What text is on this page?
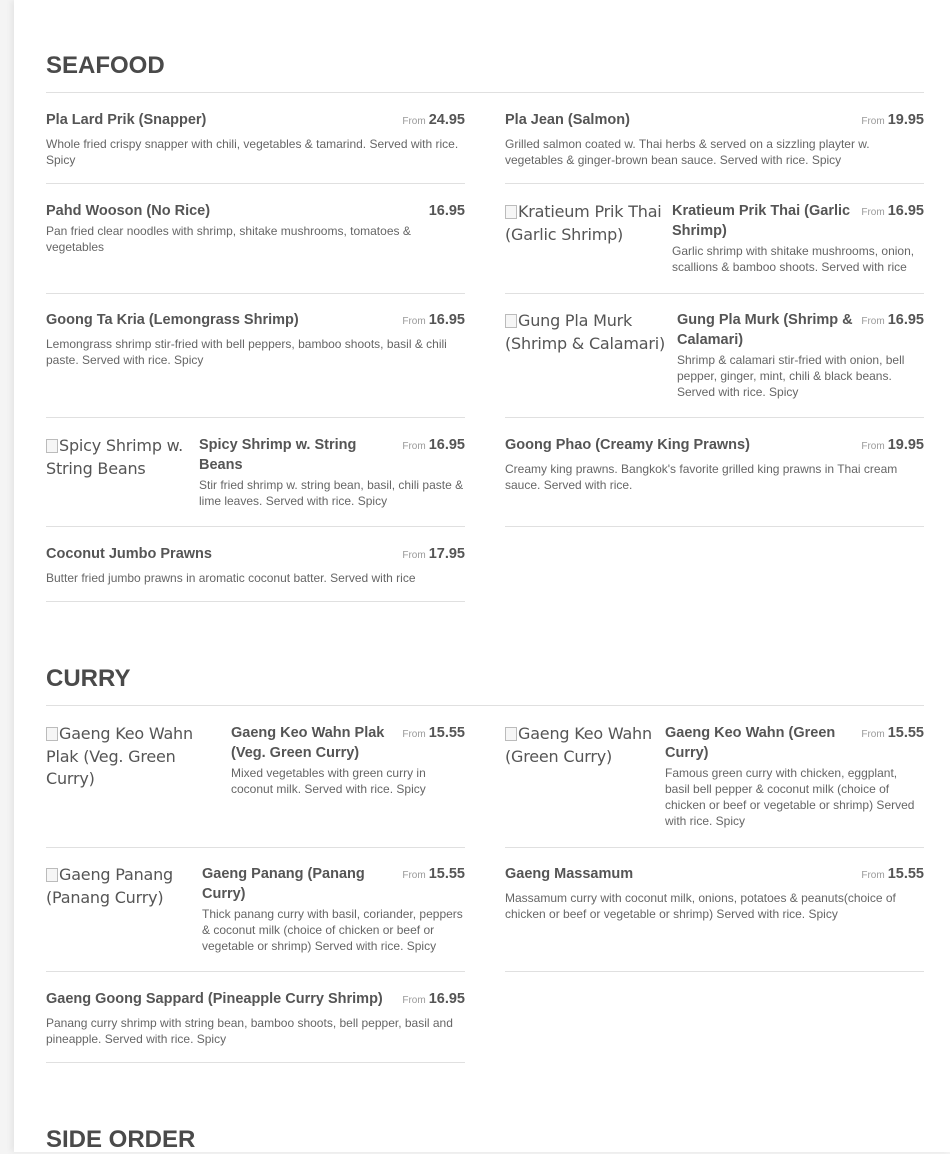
SEAFOOD
Pla Lard Prik (Snapper)	From 24.95
Whole fried crispy snapper with chili, vegetables & tamarind. Served with rice. Spicy
Pla Jean (Salmon)	From 19.95
Grilled salmon coated w. Thai herbs & served on a sizzling playter w. vegetables & ginger-brown bean sauce. Served with rice. Spicy
Pahd Wooson (No Rice)	16.95
Pan fried clear noodles with shrimp, shitake mushrooms, tomatoes & vegetables
Kratieum Prik Thai (Garlic Shrimp)
Kratieum Prik Thai (Garlic Shrimp)
From 16.95
Garlic shrimp with shitake mushrooms, onion, scallions & bamboo shoots. Served with rice
Goong Ta Kria (Lemongrass Shrimp)	From 16.95
Lemongrass shrimp stir-fried with bell peppers, bamboo shoots, basil & chili paste. Served with rice. Spicy
Gung Pla Murk (Shrimp & Calamari)
Gung Pla Murk (Shrimp & Calamari)
From 16.95
Shrimp & calamari stir-fried with onion, bell pepper, ginger, mint, chili & black beans. Served with rice. Spicy
Spicy Shrimp w. String Beans
Spicy Shrimp w. String Beans
From 16.95
Stir fried shrimp w. string bean, basil, chili paste & lime leaves. Served with rice. Spicy
Goong Phao (Creamy King Prawns)	From 19.95
Creamy king prawns. Bangkok's favorite grilled king prawns in Thai cream sauce. Served with rice.
Coconut Jumbo Prawns	From 17.95
Butter fried jumbo prawns in aromatic coconut batter. Served with rice
CURRY
Gaeng Keo Wahn Plak (Veg. Green Curry)
Gaeng Keo Wahn Plak (Veg. Green Curry)
From 15.55
Mixed vegetables with green curry in coconut milk. Served with rice. Spicy
Gaeng Keo Wahn (Green Curry)
Gaeng Keo Wahn (Green Curry)
From 15.55
Famous green curry with chicken, eggplant, basil bell pepper & coconut milk (choice of chicken or beef or vegetable or shrimp) Served with rice. Spicy
Gaeng Panang (Panang Curry)
Gaeng Panang (Panang Curry)
From 15.55
Thick panang curry with basil, coriander, peppers & coconut milk (choice of chicken or beef or vegetable or shrimp) Served with rice. Spicy
Gaeng Massamum	From 15.55
Massamum curry with coconut milk, onions, potatoes & peanuts(choice of chicken or beef or vegetable or shrimp) Served with rice. Spicy
Gaeng Goong Sappard (Pineapple Curry Shrimp)	From 16.95
Panang curry shrimp with string bean, bamboo shoots, bell pepper, basil and pineapple. Served with rice. Spicy
SIDE ORDER
